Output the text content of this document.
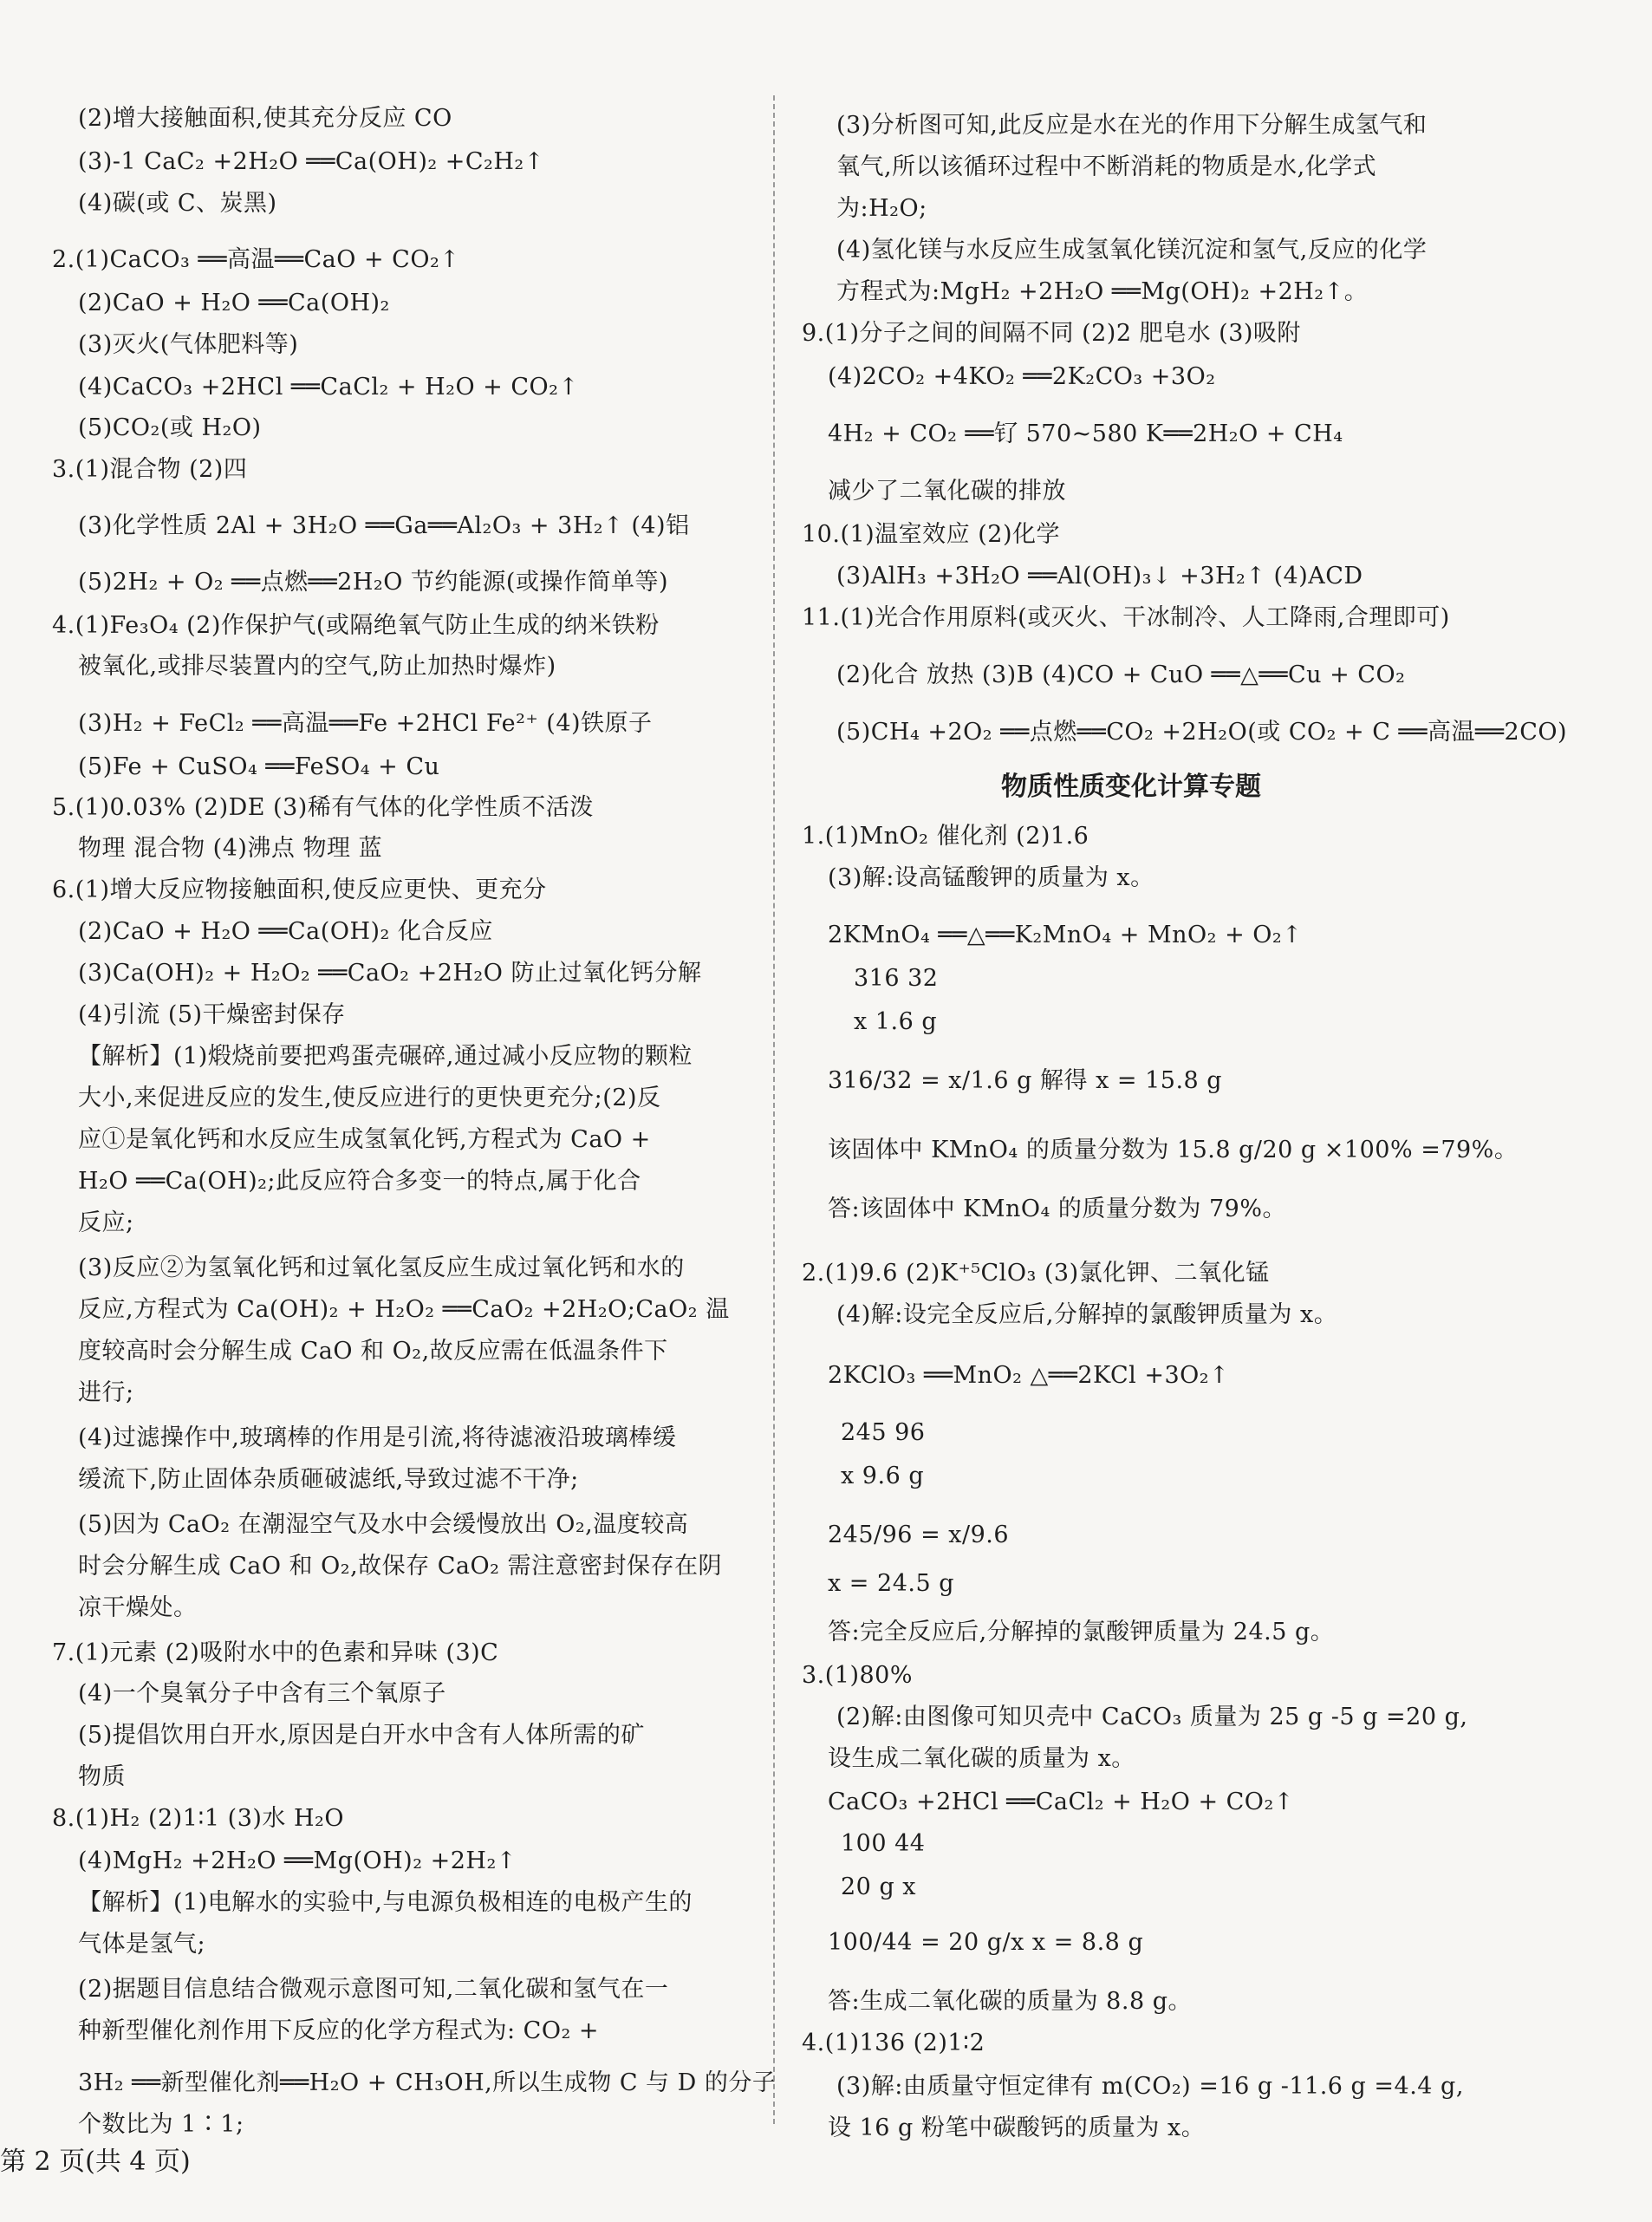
(2)增大接触面积,使其充分反应 CO
(3)-1 CaC₂ +2H₂O ══Ca(OH)₂ +C₂H₂↑
(4)碳(或 C、炭黑)
2.(1)CaCO₃ ══高温══CaO + CO₂↑
(2)CaO + H₂O ══Ca(OH)₂
(3)灭火(气体肥料等)
(4)CaCO₃ +2HCl ══CaCl₂ + H₂O + CO₂↑
(5)CO₂(或 H₂O)
3.(1)混合物 (2)四
(3)化学性质 2Al + 3H₂O ══Ga══Al₂O₃ + 3H₂↑ (4)铝
(5)2H₂ + O₂ ══点燃══2H₂O 节约能源(或操作简单等)
4.(1)Fe₃O₄ (2)作保护气(或隔绝氧气防止生成的纳米铁粉
被氧化,或排尽装置内的空气,防止加热时爆炸)
(3)H₂ + FeCl₂ ══高温══Fe +2HCl Fe²⁺ (4)铁原子
(5)Fe + CuSO₄ ══FeSO₄ + Cu
5.(1)0.03% (2)DE (3)稀有气体的化学性质不活泼
物理 混合物 (4)沸点 物理 蓝
6.(1)增大反应物接触面积,使反应更快、更充分
(2)CaO + H₂O ══Ca(OH)₂ 化合反应
(3)Ca(OH)₂ + H₂O₂ ══CaO₂ +2H₂O 防止过氧化钙分解
(4)引流 (5)干燥密封保存
【解析】(1)煅烧前要把鸡蛋壳碾碎,通过减小反应物的颗粒
大小,来促进反应的发生,使反应进行的更快更充分;(2)反
应①是氧化钙和水反应生成氢氧化钙,方程式为 CaO +
H₂O ══Ca(OH)₂;此反应符合多变一的特点,属于化合
反应;
(3)反应②为氢氧化钙和过氧化氢反应生成过氧化钙和水的
反应,方程式为 Ca(OH)₂ + H₂O₂ ══CaO₂ +2H₂O;CaO₂ 温
度较高时会分解生成 CaO 和 O₂,故反应需在低温条件下
进行;
(4)过滤操作中,玻璃棒的作用是引流,将待滤液沿玻璃棒缓
缓流下,防止固体杂质砸破滤纸,导致过滤不干净;
(5)因为 CaO₂ 在潮湿空气及水中会缓慢放出 O₂,温度较高
时会分解生成 CaO 和 O₂,故保存 CaO₂ 需注意密封保存在阴
凉干燥处。
7.(1)元素 (2)吸附水中的色素和异味 (3)C
(4)一个臭氧分子中含有三个氧原子
(5)提倡饮用白开水,原因是白开水中含有人体所需的矿
物质
8.(1)H₂ (2)1∶1 (3)水 H₂O
(4)MgH₂ +2H₂O ══Mg(OH)₂ +2H₂↑
【解析】(1)电解水的实验中,与电源负极相连的电极产生的
气体是氢气;
(2)据题目信息结合微观示意图可知,二氧化碳和氢气在一
种新型催化剂作用下反应的化学方程式为: CO₂ +
3H₂ ══新型催化剂══H₂O + CH₃OH,所以生成物 C 与 D 的分子
个数比为 1∶1;
物质性质变化计算专题
(3)分析图可知,此反应是水在光的作用下分解生成氢气和
氧气,所以该循环过程中不断消耗的物质是水,化学式
为:H₂O;
(4)氢化镁与水反应生成氢氧化镁沉淀和氢气,反应的化学
方程式为:MgH₂ +2H₂O ══Mg(OH)₂ +2H₂↑。
9.(1)分子之间的间隔不同 (2)2 肥皂水 (3)吸附
(4)2CO₂ +4KO₂ ══2K₂CO₃ +3O₂
4H₂ + CO₂ ══钌 570~580 K══2H₂O + CH₄
减少了二氧化碳的排放
10.(1)温室效应 (2)化学
(3)AlH₃ +3H₂O ══Al(OH)₃↓ +3H₂↑ (4)ACD
11.(1)光合作用原料(或灭火、干冰制冷、人工降雨,合理即可)
(2)化合 放热 (3)B (4)CO + CuO ══△══Cu + CO₂
(5)CH₄ +2O₂ ══点燃══CO₂ +2H₂O(或 CO₂ + C ══高温══2CO)
1.(1)MnO₂ 催化剂 (2)1.6
(3)解:设高锰酸钾的质量为 x。
2KMnO₄ ══△══K₂MnO₄ + MnO₂ + O₂↑
316 32
x 1.6 g
316/32 = x/1.6 g 解得 x = 15.8 g
该固体中 KMnO₄ 的质量分数为 15.8 g/20 g ×100% =79%。
答:该固体中 KMnO₄ 的质量分数为 79%。
2.(1)9.6 (2)K⁺⁵ClO₃ (3)氯化钾、二氧化锰
(4)解:设完全反应后,分解掉的氯酸钾质量为 x。
2KClO₃ ══MnO₂ △══2KCl +3O₂↑
245 96
x 9.6 g
245/96 = x/9.6
x = 24.5 g
答:完全反应后,分解掉的氯酸钾质量为 24.5 g。
3.(1)80%
(2)解:由图像可知贝壳中 CaCO₃ 质量为 25 g -5 g =20 g,
设生成二氧化碳的质量为 x。
CaCO₃ +2HCl ══CaCl₂ + H₂O + CO₂↑
100 44
20 g x
100/44 = 20 g/x x = 8.8 g
答:生成二氧化碳的质量为 8.8 g。
4.(1)136 (2)1∶2
(3)解:由质量守恒定律有 m(CO₂) =16 g -11.6 g =4.4 g,
设 16 g 粉笔中碳酸钙的质量为 x。
第 2 页(共 4 页)
